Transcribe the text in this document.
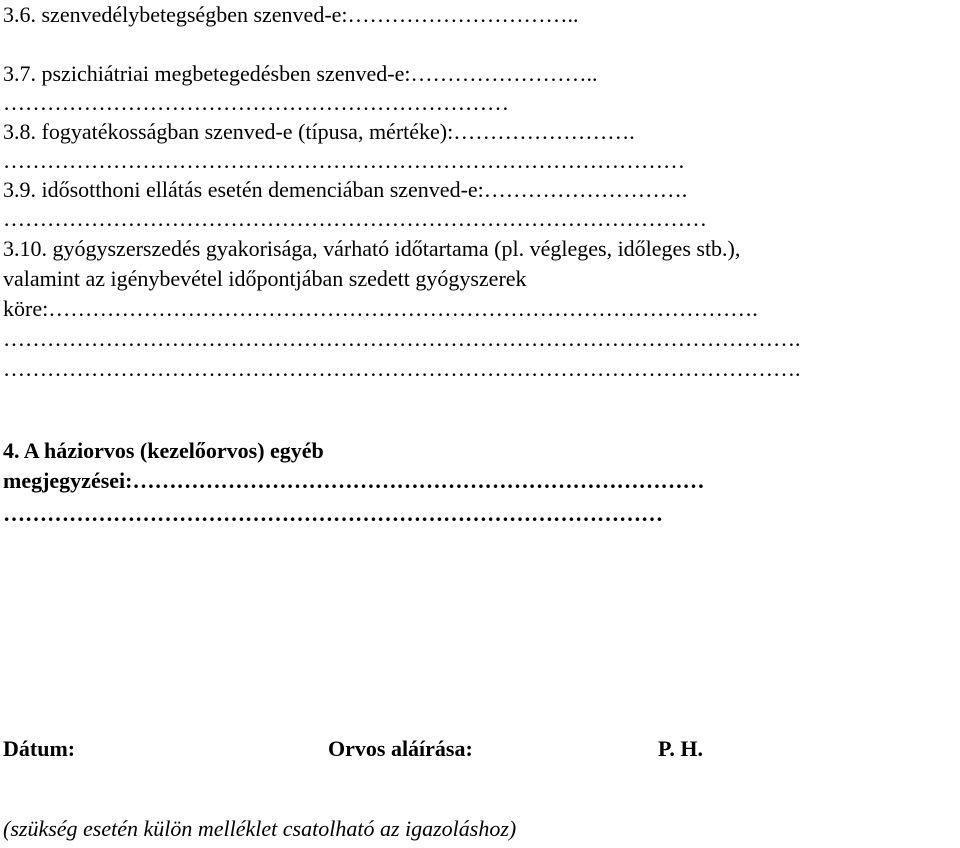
3.6. szenvedélybetegségben szenved-e:…………………………..
3.7. pszichiátriai megbetegedésben szenved-e:……………………..
……………………………………………………………
3.8. fogyatékosságban szenved-e (típusa, mértéke):…………………….
…………………………………………………………………………………
3.9. idősotthoni ellátás esetén demenciában szenved-e:……………………….
……………………………………………………………………………………
3.10. gyógyszerszedés gyakorisága, várható időtartama (pl. végleges, időleges stb.),
valamint az igénybevétel időpontjában szedett gyógyszerek
köre:…………………………………………………………………………………….
……………………………………………………………………………………………….
……………………………………………………………………………………………….
4. A háziorvos (kezelőorvos) egyéb
megjegyzései:……………………………………………………………………
………………………………………………………………………………
Dátum:	Orvos aláírása:	P. H.
(szükség esetén külön melléklet csatolható az igazoláshoz)
